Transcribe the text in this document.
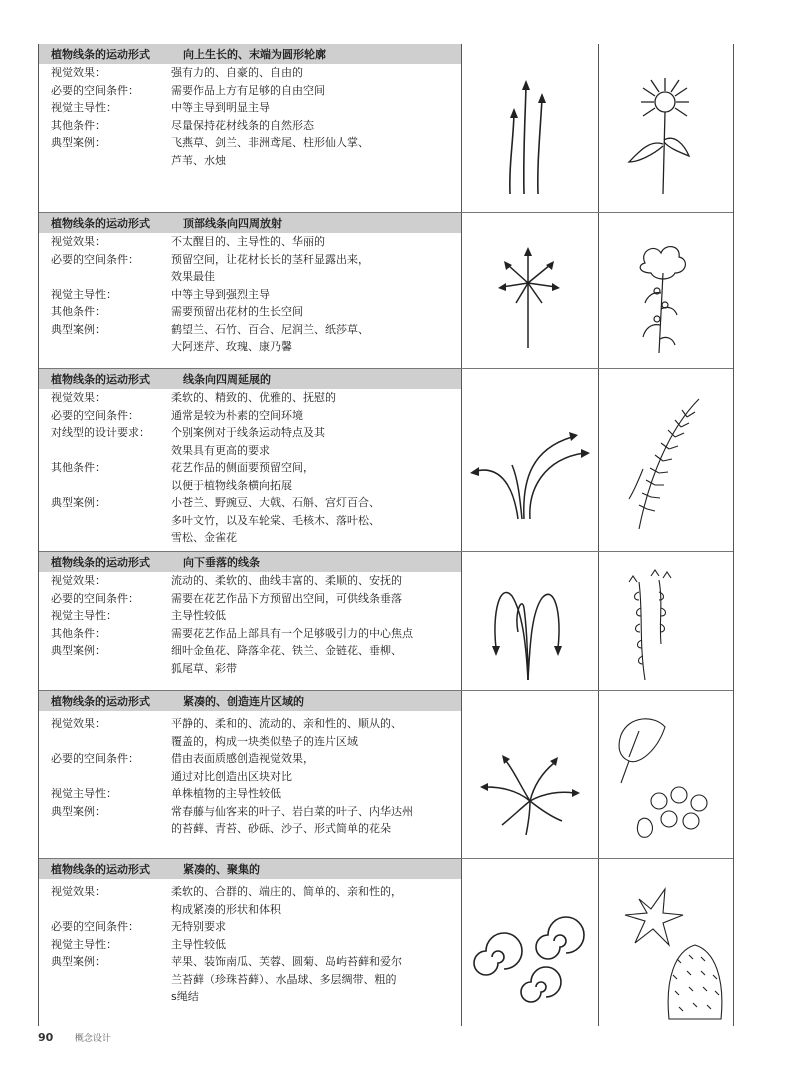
植物线条的运动形式	向上生长的、末端为圆形轮廓
视觉效果：	强有力的、自豪的、自由的
必要的空间条件：	需要作品上方有足够的自由空间
视觉主导性：	中等主导到明显主导
其他条件：	尽量保持花材线条的自然形态
典型案例：	飞燕草、剑兰、非洲鸢尾、柱形仙人掌、
芦苇、水烛
植物线条的运动形式	顶部线条向四周放射
视觉效果：	不太醒目的、主导性的、华丽的
必要的空间条件：	预留空间，让花材长长的茎秆显露出来，
效果最佳
视觉主导性：	中等主导到强烈主导
其他条件：	需要预留出花材的生长空间
典型案例：	鹤望兰、石竹、百合、尼润兰、纸莎草、
大阿迷芹、玫瑰、康乃馨
植物线条的运动形式	线条向四周延展的
视觉效果：	柔软的、精致的、优雅的、抚慰的
必要的空间条件：	通常是较为朴素的空间环境
对线型的设计要求：	个别案例对于线条运动特点及其
效果具有更高的要求
其他条件：	花艺作品的侧面要预留空间，
以便于植物线条横向拓展
典型案例：	小苍兰、野豌豆、大戟、石斛、宫灯百合、
多叶文竹，以及车轮棠、毛核木、落叶松、
雪松、金雀花
植物线条的运动形式	向下垂落的线条
视觉效果：	流动的、柔软的、曲线丰富的、柔顺的、安抚的
必要的空间条件：	需要在花艺作品下方预留出空间，可供线条垂落
视觉主导性：	主导性较低
其他条件：	需要花艺作品上部具有一个足够吸引力的中心焦点
典型案例：	细叶金鱼花、降落伞花、铁兰、金链花、垂柳、
狐尾草、彩带
植物线条的运动形式	紧凑的、创造连片区域的
视觉效果：	平静的、柔和的、流动的、亲和性的、顺从的、
覆盖的，构成一块类似垫子的连片区域
必要的空间条件：	借由表面质感创造视觉效果，
通过对比创造出区块对比
视觉主导性：	单株植物的主导性较低
典型案例：	常春藤与仙客来的叶子、岩白菜的叶子、内华达州
的苔藓、青苔、砂砾、沙子、形式简单的花朵
植物线条的运动形式	紧凑的、聚集的
视觉效果：	柔软的、合群的、端庄的、简单的、亲和性的，
构成紧凑的形状和体积
必要的空间条件：	无特别要求
视觉主导性：	主导性较低
典型案例：	苹果、装饰南瓜、芙蓉、圆菊、岛屿苔藓和爱尔
兰苔藓（珍珠苔藓）、水晶球、多层绸带、粗的
s绳结
90 概念设计
